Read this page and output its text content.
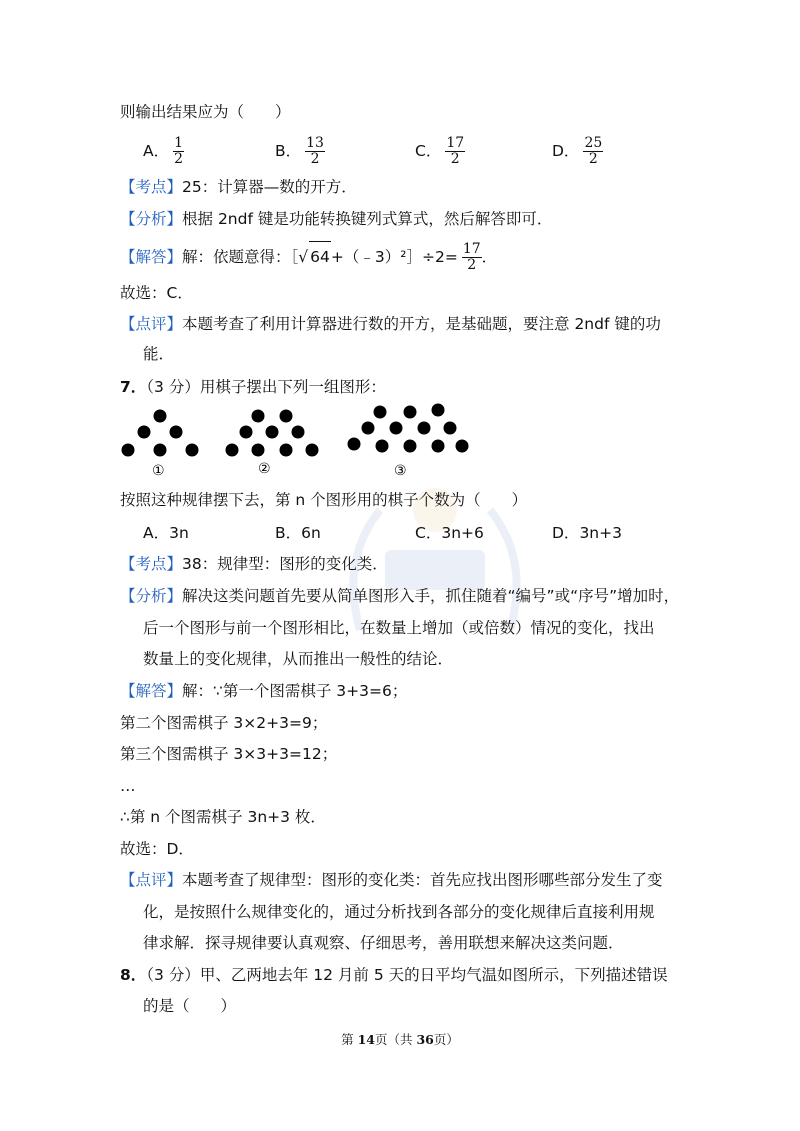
则输出结果应为（　　）
A． $\frac{1}{2}$	B． $\frac{13}{2}$	C． $\frac{17}{2}$	D． $\frac{25}{2}$
【考点】25：计算器—数的开方．
【分析】根据 2ndf 键是功能转换键列式算式，然后解答即可．
【解答】解：依题意得：［√ 64+（﹣3）²］÷2= $\frac{17}{2}$ ．
故选：C．
【点评】本题考查了利用计算器进行数的开方，是基础题，要注意 2ndf 键的功
能．
7．（3 分）用棋子摆出下列一组图形：
①	②	③
按照这种规律摆下去，第 n 个图形用的棋子个数为（　　）
A．3n	B．6n	C．3n+6	D．3n+3
【考点】38：规律型：图形的变化类．
【分析】解决这类问题首先要从简单图形入手，抓住随着“编号”或“序号”增加时，
后一个图形与前一个图形相比，在数量上增加（或倍数）情况的变化，找出
数量上的变化规律，从而推出一般性的结论．
【解答】解：∵第一个图需棋子 3+3=6；
第二个图需棋子 3×2+3=9；
第三个图需棋子 3×3+3=12；
…
∴第 n 个图需棋子 3n+3 枚．
故选：D．
【点评】本题考查了规律型：图形的变化类：首先应找出图形哪些部分发生了变
化，是按照什么规律变化的，通过分析找到各部分的变化规律后直接利用规
律求解．探寻规律要认真观察、仔细思考，善用联想来解决这类问题．
8．（3 分）甲、乙两地去年 12 月前 5 天的日平均气温如图所示，下列描述错误
的是（　　）
第 14页（共 36页）
